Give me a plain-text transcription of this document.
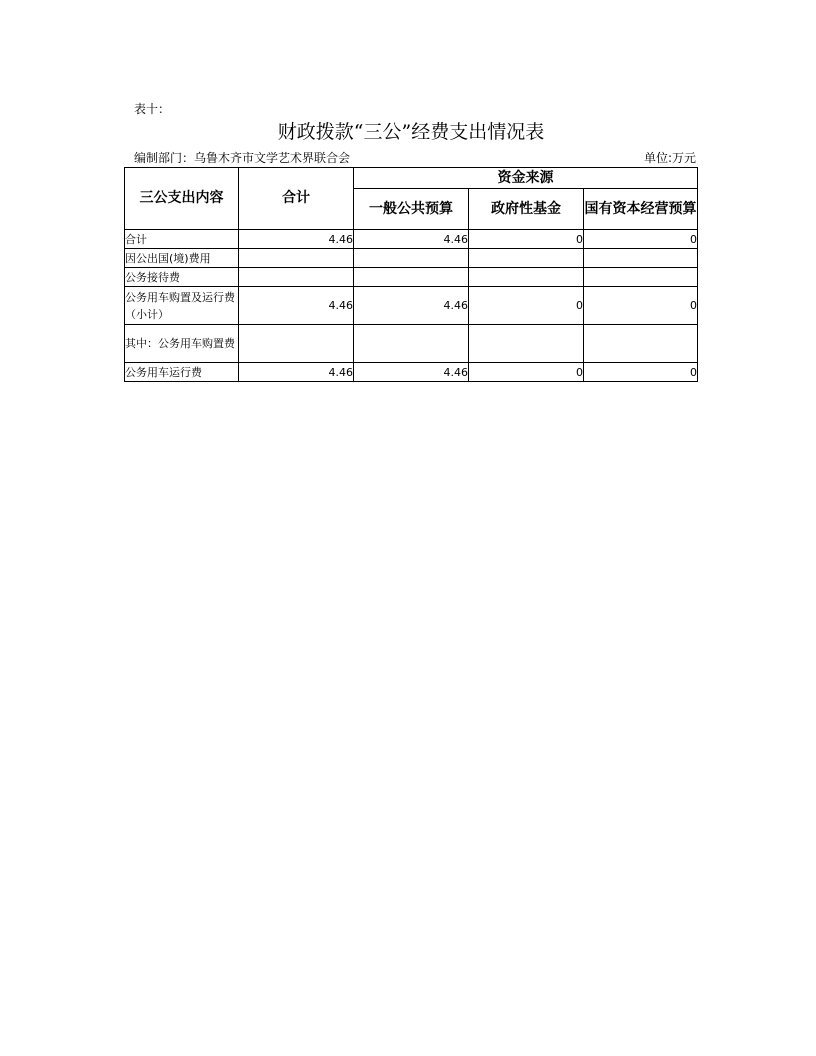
表十：
财政拨款“三公”经费支出情况表
编制部门：乌鲁木齐市文学艺术界联合会	单位:万元
三公支出内容	合计	资金来源		
		一般公共预算	政府性基金	国有资本经营预算
合计	4.46	4.46	0	0
因公出国(境)费用				
公务接待费				
公务用车购置及运行费（小计）	4.46	4.46	0	0
其中：公务用车购置费				
公务用车运行费	4.46	4.46	0	0
